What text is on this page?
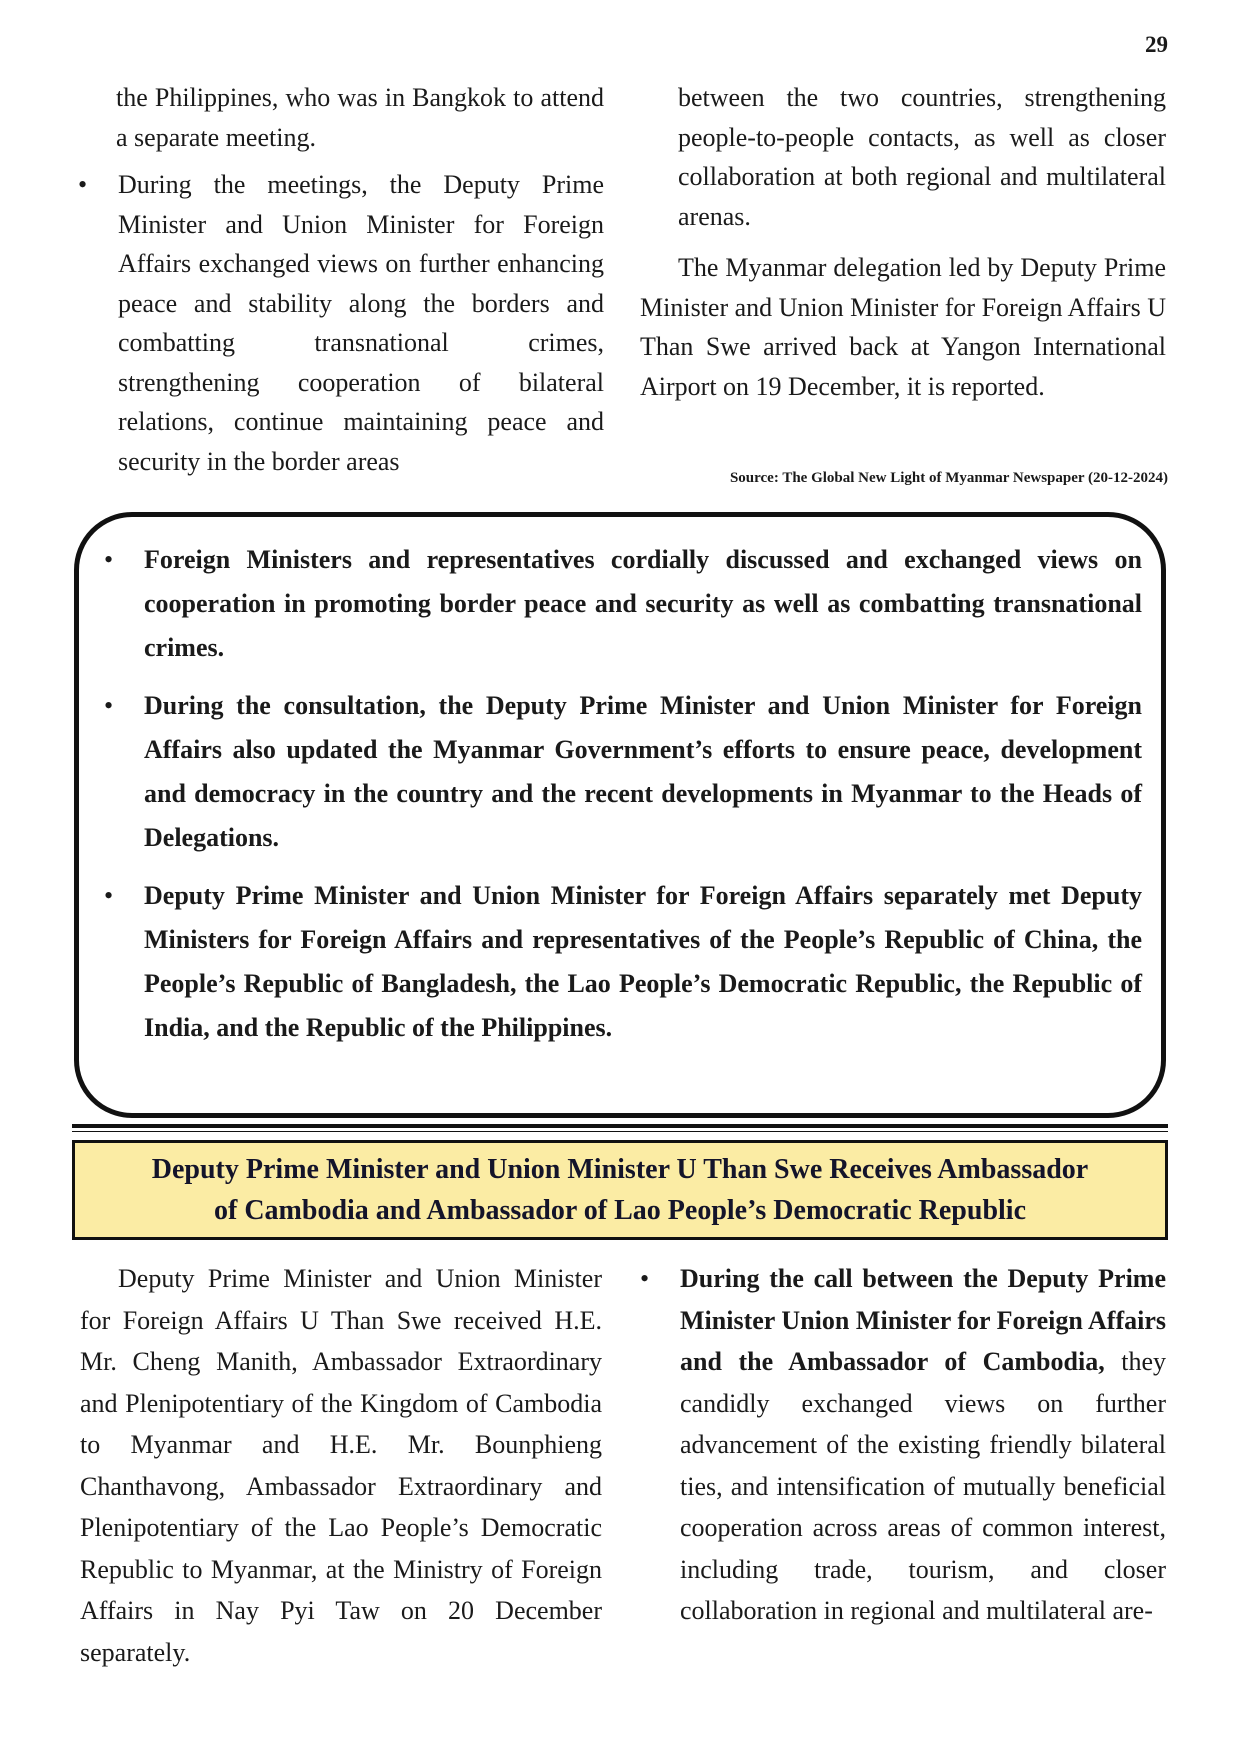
29

the Philippines, who was in Bangkok to attend a separate meeting.

• During the meetings, the Deputy Prime Minister and Union Minister for Foreign Affairs exchanged views on further enhancing peace and stability along the borders and combatting transnational crimes, strengthening cooperation of bilateral relations, continue maintaining peace and security in the border areas

between the two countries, strengthening people-to-people contacts, as well as closer collaboration at both regional and multilateral arenas.

The Myanmar delegation led by Deputy Prime Minister and Union Minister for Foreign Affairs U Than Swe arrived back at Yangon International Airport on 19 December, it is reported.

Source: The Global New Light of Myanmar Newspaper (20-12-2024)
• Foreign Ministers and representatives cordially discussed and exchanged views on cooperation in promoting border peace and security as well as combatting transnational crimes.
• During the consultation, the Deputy Prime Minister and Union Minister for Foreign Affairs also updated the Myanmar Government’s efforts to ensure peace, development and democracy in the country and the recent developments in Myanmar to the Heads of Delegations.
• Deputy Prime Minister and Union Minister for Foreign Affairs separately met Deputy Ministers for Foreign Affairs and representatives of the People’s Republic of China, the People’s Republic of Bangladesh, the Lao People’s Democratic Republic, the Republic of India, and the Republic of the Philippines.
Deputy Prime Minister and Union Minister U Than Swe Receives Ambassador
of Cambodia and Ambassador of Lao People’s Democratic Republic

Deputy Prime Minister and Union Minister for Foreign Affairs U Than Swe received H.E. Mr. Cheng Manith, Ambassador Extraordinary and Plenipotentiary of the Kingdom of Cambodia to Myanmar and H.E. Mr. Bounphieng Chanthavong, Ambassador Extraordinary and Plenipotentiary of the Lao People’s Democratic Republic to Myanmar, at the Ministry of Foreign Affairs in Nay Pyi Taw on 20 December separately.

• During the call between the Deputy Prime Minister Union Minister for Foreign Affairs and the Ambassador of Cambodia, they candidly exchanged views on further advancement of the existing friendly bilateral ties, and intensification of mutually beneficial cooperation across areas of common interest, including trade, tourism, and closer collaboration in regional and multilateral are-
